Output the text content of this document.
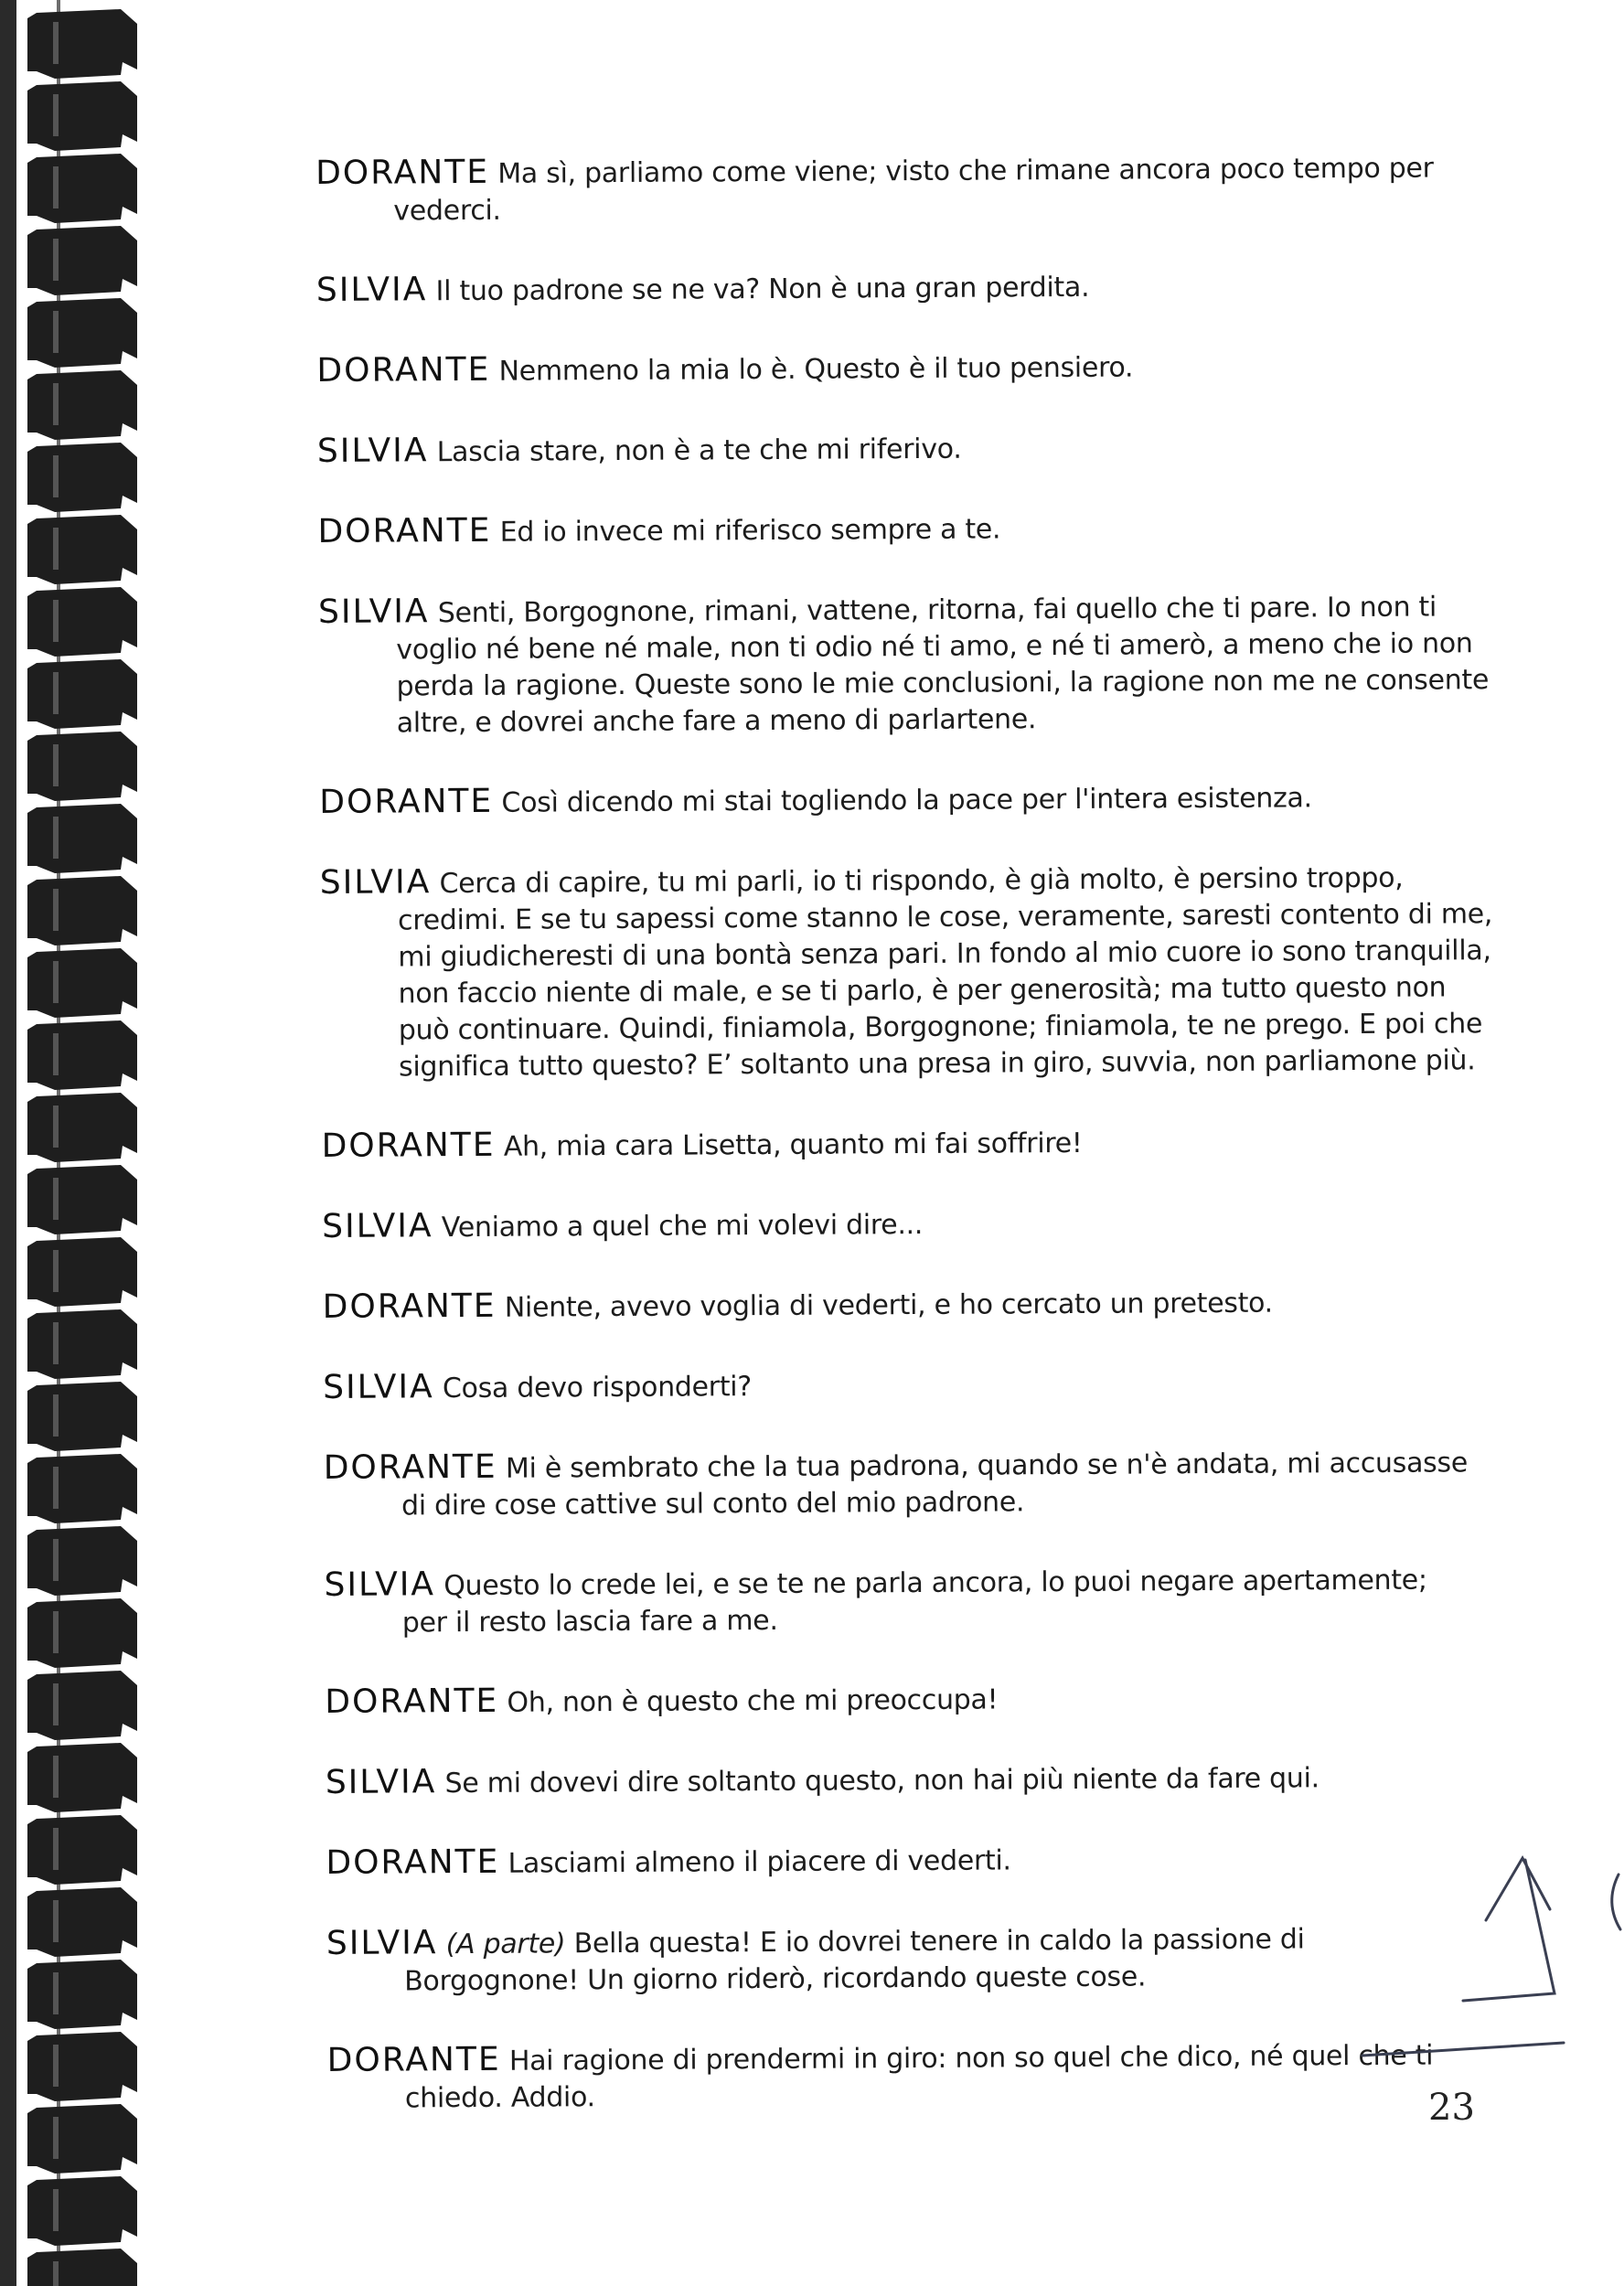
DORANTE Ma sì, parliamo come viene; visto che rimane ancora poco tempo per
vederci.
SILVIA Il tuo padrone se ne va? Non è una gran perdita.
DORANTE Nemmeno la mia lo è. Questo è il tuo pensiero.
SILVIA Lascia stare, non è a te che mi riferivo.
DORANTE Ed io invece mi riferisco sempre a te.
SILVIA Senti, Borgognone, rimani, vattene, ritorna, fai quello che ti pare. Io non ti
voglio né bene né male, non ti odio né ti amo, e né ti amerò, a meno che io non
perda la ragione. Queste sono le mie conclusioni, la ragione non me ne consente
altre, e dovrei anche fare a meno di parlartene.
DORANTE Così dicendo mi stai togliendo la pace per l'intera esistenza.
SILVIA Cerca di capire, tu mi parli, io ti rispondo, è già molto, è persino troppo,
credimi. E se tu sapessi come stanno le cose, veramente, saresti contento di me,
mi giudicheresti di una bontà senza pari. In fondo al mio cuore io sono tranquilla,
non faccio niente di male, e se ti parlo, è per generosità; ma tutto questo non
può continuare. Quindi, finiamola, Borgognone; finiamola, te ne prego. E poi che
significa tutto questo? E’ soltanto una presa in giro, suvvia, non parliamone più.
DORANTE Ah, mia cara Lisetta, quanto mi fai soffrire!
SILVIA Veniamo a quel che mi volevi dire...
DORANTE Niente, avevo voglia di vederti, e ho cercato un pretesto.
SILVIA Cosa devo risponderti?
DORANTE Mi è sembrato che la tua padrona, quando se n'è andata, mi accusasse
di dire cose cattive sul conto del mio padrone.
SILVIA Questo lo crede lei, e se te ne parla ancora, lo puoi negare apertamente;
per il resto lascia fare a me.
DORANTE Oh, non è questo che mi preoccupa!
SILVIA Se mi dovevi dire soltanto questo, non hai più niente da fare qui.
DORANTE Lasciami almeno il piacere di vederti.
SILVIA (A parte) Bella questa! E io dovrei tenere in caldo la passione di
Borgognone! Un giorno riderò, ricordando queste cose.
DORANTE Hai ragione di prendermi in giro: non so quel che dico, né quel che ti
chiedo. Addio.	23
